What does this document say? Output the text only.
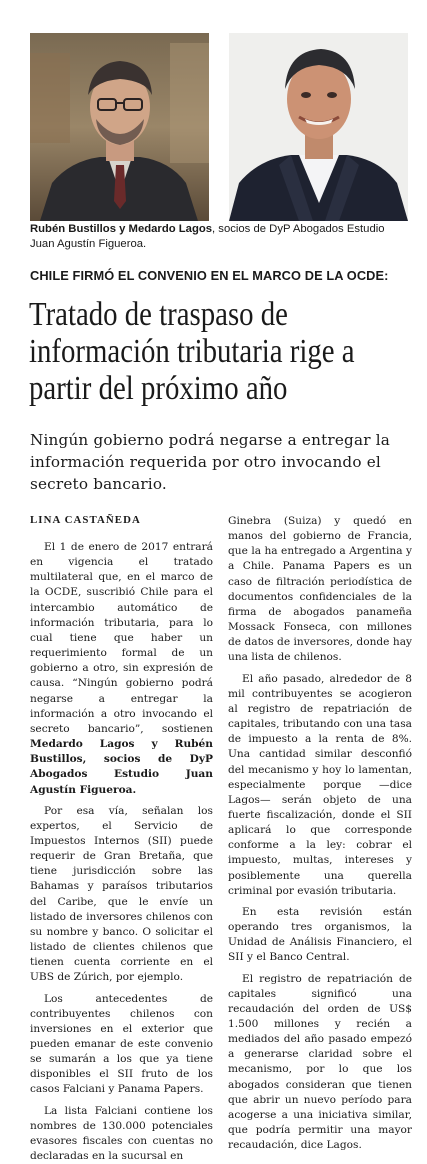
Rubén Bustillos y Medardo Lagos, socios de DyP Abogados Estudio Juan Agustín Figueroa.
CHILE FIRMÓ EL CONVENIO EN EL MARCO DE LA OCDE:
Tratado de traspaso de información tributaria rige a partir del próximo año
Ningún gobierno podrá negarse a entregar la información requerida por otro invocando el secreto bancario.
LINA CASTAÑEDA

El 1 de enero de 2017 entrará en vigencia el tratado multilateral que, en el marco de la OCDE, suscribió Chile para el intercambio automático de información tributaria, para lo cual tiene que haber un requerimiento formal de un gobierno a otro, sin expresión de causa. “Ningún gobierno podrá negarse a entregar la información a otro invocando el secreto bancario”, sostienen Medardo Lagos y Rubén Bustillos, socios de DyP Abogados Estudio Juan Agustín Figueroa.

Por esa vía, señalan los expertos, el Servicio de Impuestos Internos (SII) puede requerir de Gran Bretaña, que tiene jurisdicción sobre las Bahamas y paraísos tributarios del Caribe, que le envíe un listado de inversores chilenos con su nombre y banco. O solicitar el listado de clientes chilenos que tienen cuenta corriente en el UBS de Zúrich, por ejemplo.

Los antecedentes de contribuyentes chilenos con inversiones en el exterior que pueden emanar de este convenio se sumarán a los que ya tiene disponibles el SII fruto de los casos Falciani y Panama Papers.

La lista Falciani contiene los nombres de 130.000 potenciales evasores fiscales con cuentas no declaradas en la sucursal en

Ginebra (Suiza) y quedó en manos del gobierno de Francia, que la ha entregado a Argentina y a Chile. Panama Papers es un caso de filtración periodística de documentos confidenciales de la firma de abogados panameña Mossack Fonseca, con millones de datos de inversores, donde hay una lista de chilenos.

El año pasado, alrededor de 8 mil contribuyentes se acogieron al registro de repatriación de capitales, tributando con una tasa de impuesto a la renta de 8%. Una cantidad similar desconfió del mecanismo y hoy lo lamentan, especialmente porque —dice Lagos— serán objeto de una fuerte fiscalización, donde el SII aplicará lo que corresponde conforme a la ley: cobrar el impuesto, multas, intereses y posiblemente una querella criminal por evasión tributaria.

En esta revisión están operando tres organismos, la Unidad de Análisis Financiero, el SII y el Banco Central.

El registro de repatriación de capitales significó una recaudación del orden de US$ 1.500 millones y recién a mediados del año pasado empezó a generarse claridad sobre el mecanismo, por lo que los abogados consideran que tienen que abrir un nuevo período para acogerse a una iniciativa similar, que podría permitir una mayor recaudación, dice Lagos.
